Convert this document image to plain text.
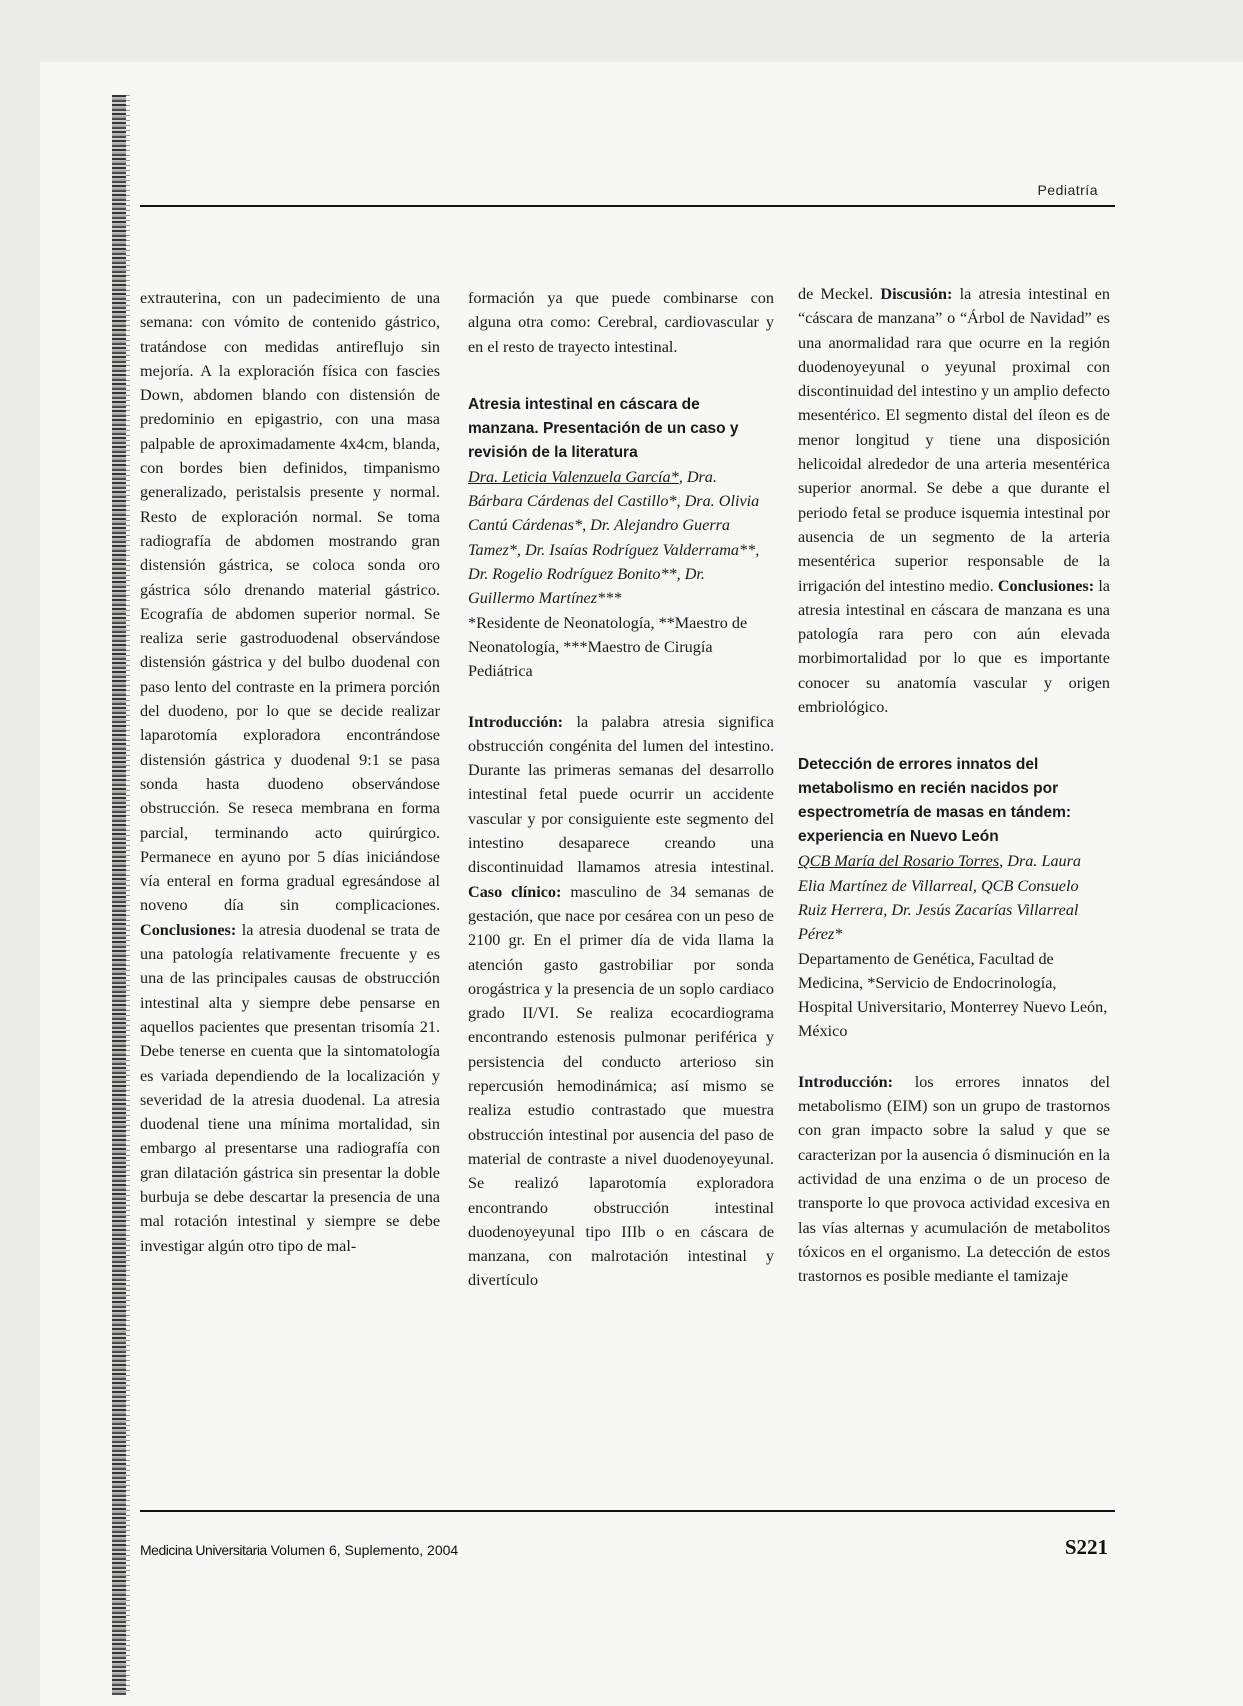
Pediatría

extrauterina, con un padecimiento de una semana: con vómito de contenido gástrico, tratándose con medidas antireflujo sin mejoría. A la exploración física con fascies Down, abdomen blando con distensión de predominio en epigastrio, con una masa palpable de aproximadamente 4x4cm, blanda, con bordes bien definidos, timpanismo generalizado, peristalsis presente y normal. Resto de exploración normal. Se toma radiografía de abdomen mostrando gran distensión gástrica, se coloca sonda oro gástrica sólo drenando material gástrico. Ecografía de abdomen superior normal. Se realiza serie gastroduodenal observándose distensión gástrica y del bulbo duodenal con paso lento del contraste en la primera porción del duodeno, por lo que se decide realizar laparotomía exploradora encontrándose distensión gástrica y duodenal 9:1 se pasa sonda hasta duodeno observándose obstrucción. Se reseca membrana en forma parcial, terminando acto quirúrgico. Permanece en ayuno por 5 días iniciándose vía enteral en forma gradual egresándose al noveno día sin complicaciones. Conclusiones: la atresia duodenal se trata de una patología relativamente frecuente y es una de las principales causas de obstrucción intestinal alta y siempre debe pensarse en aquellos pacientes que presentan trisomía 21. Debe tenerse en cuenta que la sintomatología es variada dependiendo de la localización y severidad de la atresia duodenal. La atresia duodenal tiene una mínima mortalidad, sin embargo al presentarse una radiografía con gran dilatación gástrica sin presentar la doble burbuja se debe descartar la presencia de una mal rotación intestinal y siempre se debe investigar algún otro tipo de mal-

formación ya que puede combinarse con alguna otra como: Cerebral, cardiovascular y en el resto de trayecto intestinal.

Atresia intestinal en cáscara de manzana. Presentación de un caso y revisión de la literatura

Dra. Leticia Valenzuela García*, Dra. Bárbara Cárdenas del Castillo*, Dra. Olivia Cantú Cárdenas*, Dr. Alejandro Guerra Tamez*, Dr. Isaías Rodríguez Valderrama**, Dr. Rogelio Rodríguez Bonito**, Dr. Guillermo Martínez***

*Residente de Neonatología, **Maestro de Neonatología, ***Maestro de Cirugía Pediátrica

Introducción: la palabra atresia significa obstrucción congénita del lumen del intestino. Durante las primeras semanas del desarrollo intestinal fetal puede ocurrir un accidente vascular y por consiguiente este segmento del intestino desaparece creando una discontinuidad llamamos atresia intestinal. Caso clínico: masculino de 34 semanas de gestación, que nace por cesárea con un peso de 2100 gr. En el primer día de vida llama la atención gasto gastrobiliar por sonda orogástrica y la presencia de un soplo cardiaco grado II/VI. Se realiza ecocardiograma encontrando estenosis pulmonar periférica y persistencia del conducto arterioso sin repercusión hemodinámica; así mismo se realiza estudio contrastado que muestra obstrucción intestinal por ausencia del paso de material de contraste a nivel duodenoyeyunal. Se realizó laparotomía exploradora encontrando obstrucción intestinal duodenoyeyunal tipo IIIb o en cáscara de manzana, con malrotación intestinal y divertículo

de Meckel. Discusión: la atresia intestinal en “cáscara de manzana” o “Árbol de Navidad” es una anormalidad rara que ocurre en la región duodenoyeyunal o yeyunal proximal con discontinuidad del intestino y un amplio defecto mesentérico. El segmento distal del íleon es de menor longitud y tiene una disposición helicoidal alrededor de una arteria mesentérica superior anormal. Se debe a que durante el periodo fetal se produce isquemia intestinal por ausencia de un segmento de la arteria mesentérica superior responsable de la irrigación del intestino medio. Conclusiones: la atresia intestinal en cáscara de manzana es una patología rara pero con aún elevada morbimortalidad por lo que es importante conocer su anatomía vascular y origen embriológico.

Detección de errores innatos del metabolismo en recién nacidos por espectrometría de masas en tándem: experiencia en Nuevo León

QCB María del Rosario Torres, Dra. Laura Elia Martínez de Villarreal, QCB Consuelo Ruiz Herrera, Dr. Jesús Zacarías Villarreal Pérez*

Departamento de Genética, Facultad de Medicina, *Servicio de Endocrinología, Hospital Universitario, Monterrey Nuevo León, México

Introducción: los errores innatos del metabolismo (EIM) son un grupo de trastornos con gran impacto sobre la salud y que se caracterizan por la ausencia ó disminución en la actividad de una enzima o de un proceso de transporte lo que provoca actividad excesiva en las vías alternas y acumulación de metabolitos tóxicos en el organismo. La detección de estos trastornos es posible mediante el tamizaje

Medicina Universitaria Volumen 6, Suplemento, 2004	S221
